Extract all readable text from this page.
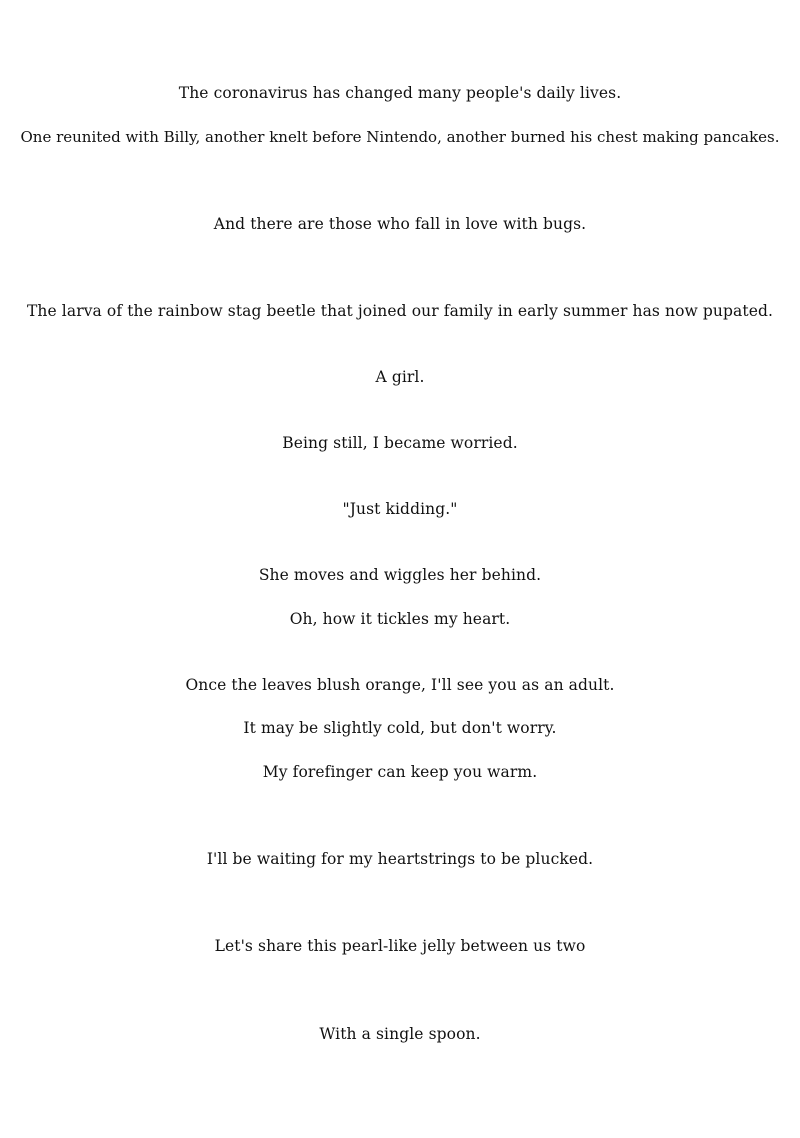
The coronavirus has changed many people's daily lives.
One reunited with Billy, another knelt before Nintendo, another burned his chest making pancakes.
And there are those who fall in love with bugs.
The larva of the rainbow stag beetle that joined our family in early summer has now pupated.
A girl.
Being still, I became worried.
"Just kidding."
She moves and wiggles her behind.
Oh, how it tickles my heart.
Once the leaves blush orange, I'll see you as an adult.
It may be slightly cold, but don't worry.
My forefinger can keep you warm.
I'll be waiting for my heartstrings to be plucked.
Let's share this pearl-like jelly between us two
With a single spoon.
